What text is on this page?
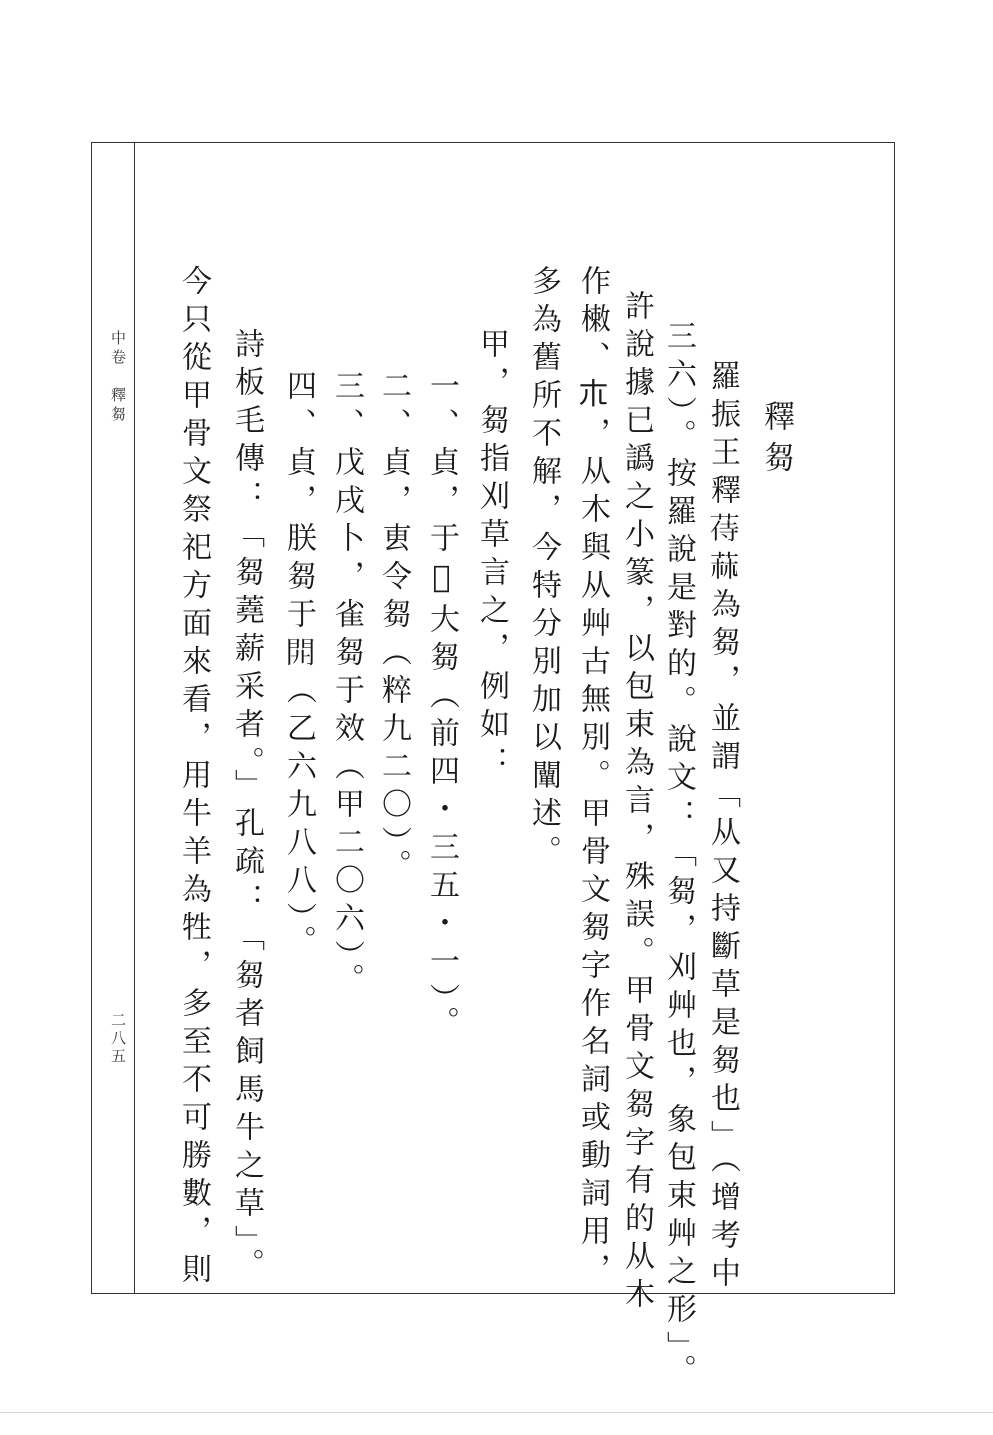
中卷　釋芻
二八五
釋芻
羅振王釋𦱎𦱍為芻，並謂「从又持斷草是芻也」（增考中
三六）。按羅說是對的。說文：「芻，刈艸也，象包束艸之形」。
許說據已譌之小篆，以包束為言，殊誤。甲骨文芻字有的从木
作𣙙、𣎳，从木與从艸古無別。甲骨文芻字作名詞或動詞用，
多為舊所不解，今特分別加以闡述。
甲，芻指刈草言之，例如：
一、貞，于𦎫大芻（前四・三五・一）。
二、貞，叀令芻（粹九二〇）。
三、戊戌卜，雀芻于效（甲二〇六）。
四、貞，朕芻于𨳡（乙六九八八）。
詩板毛傳：「芻蕘薪采者。」孔疏：「芻者飼馬牛之草」。
今只從甲骨文祭祀方面來看，用牛羊為牲，多至不可勝數，則
